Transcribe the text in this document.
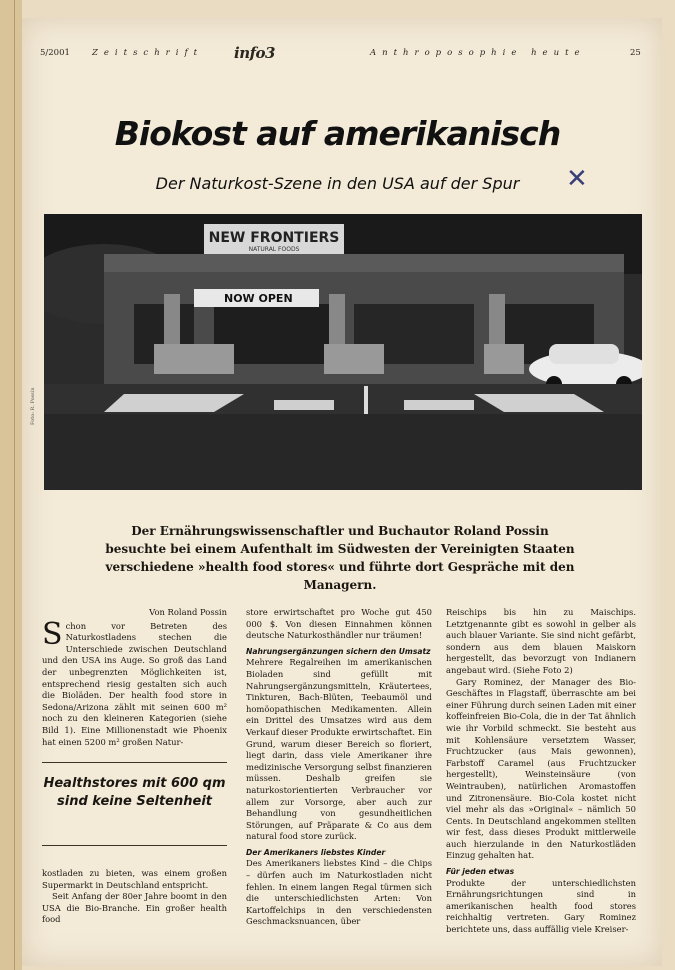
5/2001	Zeitschrift info3	Anthroposophie heute	25
Biokost auf amerikanisch
Der Naturkost-Szene in den USA auf der Spur	✕
NEW FRONTIERS
NATURAL FOODS
NOW OPEN
Foto: R. Possin
Der Ernährungswissenschaftler und Buchautor Roland Possin besuchte bei einem Aufenthalt im Südwesten der Vereinigten Staaten verschiedene »health food stores« und führte dort Gespräche mit den Managern.
Von Roland Possin
S chon vor Betreten des Naturkostladens stechen die Unterschiede zwischen Deutschland und den USA ins Auge. So groß das Land der unbegrenzten Möglichkeiten ist, entsprechend riesig gestalten sich auch die Bioläden. Der health food store in Sedona/Arizona zählt mit seinen 600 m² noch zu den kleineren Kategorien (siehe Bild 1). Eine Millionenstadt wie Phoenix hat einen 5200 m² großen Natur-

Healthstores mit 600 qm sind keine Seltenheit

kostladen zu bieten, was einem großen Supermarkt in Deutschland entspricht.

Seit Anfang der 80er Jahre boomt in den USA die Bio-Branche. Ein großer health food

store erwirtschaftet pro Woche gut 450 000 $. Von diesen Einnahmen können deutsche Naturkosthändler nur träumen!

Nahrungsergänzungen sichern den Umsatz

Mehrere Regalreihen im amerikanischen Bioladen sind gefüllt mit Nahrungsergänzungsmitteln, Kräutertees, Tinkturen, Bach-Blüten, Teebaumöl und homöopathischen Medikamenten. Allein ein Drittel des Umsatzes wird aus dem Verkauf dieser Produkte erwirtschaftet. Ein Grund, warum dieser Bereich so floriert, liegt darin, dass viele Amerikaner ihre medizinische Versorgung selbst finanzieren müssen. Deshalb greifen sie naturkostorientierten Verbraucher vor allem zur Vorsorge, aber auch zur Behandlung von gesundheitlichen Störungen, auf Präparate & Co aus dem natural food store zurück.

Der Amerikaners liebstes Kinder

Des Amerikaners liebstes Kind – die Chips – dürfen auch im Naturkostladen nicht fehlen. In einem langen Regal türmen sich die unterschiedlichsten Arten: Von Kartoffelchips in den verschiedensten Geschmacksnuancen, über

Reischips bis hin zu Maischips. Letztgenannte gibt es sowohl in gelber als auch blauer Variante. Sie sind nicht gefärbt, sondern aus dem blauen Maiskorn hergestellt, das bevorzugt von Indianern angebaut wird. (Siehe Foto 2)

Gary Rominez, der Manager des Bio-Geschäftes in Flagstaff, überraschte am bei einer Führung durch seinen Laden mit einer koffeinfreien Bio-Cola, die in der Tat ähnlich wie ihr Vorbild schmeckt. Sie besteht aus mit Kohlensäure versetztem Wasser, Fruchtzucker (aus Mais gewonnen), Farbstoff Caramel (aus Fruchtzucker hergestellt), Weinsteinsäure (von Weintrauben), natürlichen Aromastoffen und Zitronensäure. Bio-Cola kostet nicht viel mehr als das »Original« – nämlich 50 Cents. In Deutschland angekommen stellten wir fest, dass dieses Produkt mittlerweile auch hierzulande in den Naturkostläden Einzug gehalten hat.

Für jeden etwas

Produkte der unterschiedlichsten Ernährungsrichtungen sind in amerikanischen health food stores reichhaltig vertreten. Gary Rominez berichtete uns, dass auffällig viele Kreiser-
